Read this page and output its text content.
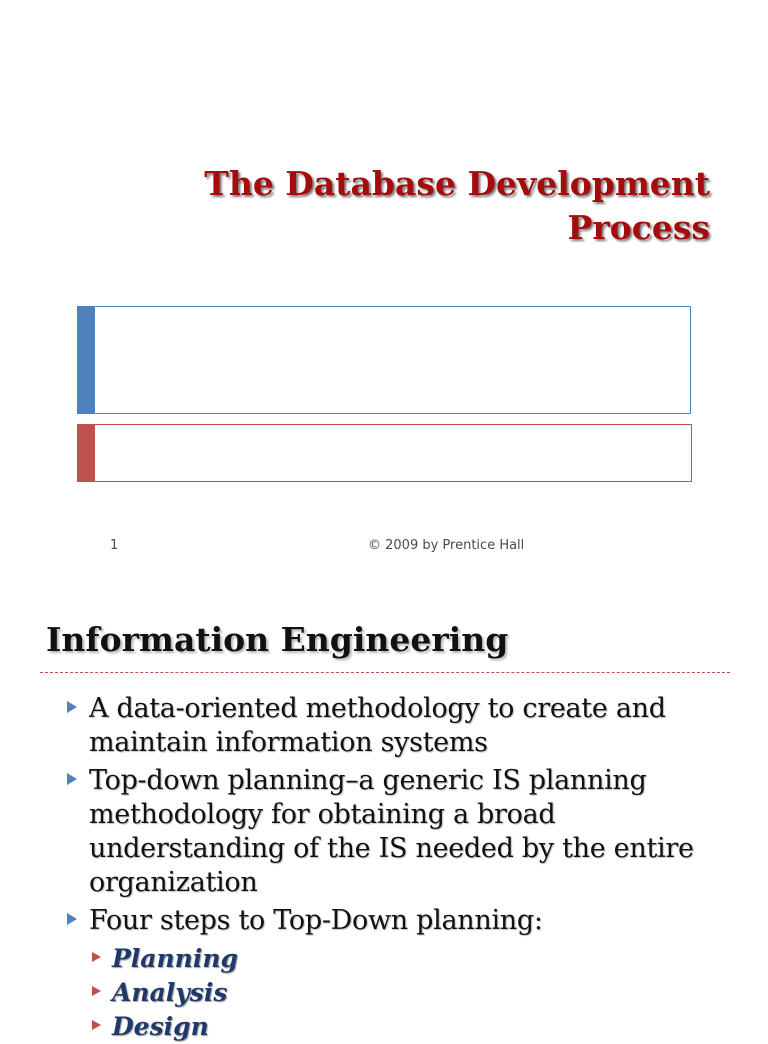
The Database Development
Process
1	© 2009 by Prentice Hall
Information Engineering
A data-oriented methodology to create and maintain information systems
Top-down planning–a generic IS planning methodology for obtaining a broad understanding of the IS needed by the entire organization
Four steps to Top-Down planning:
Planning
Analysis
Design
